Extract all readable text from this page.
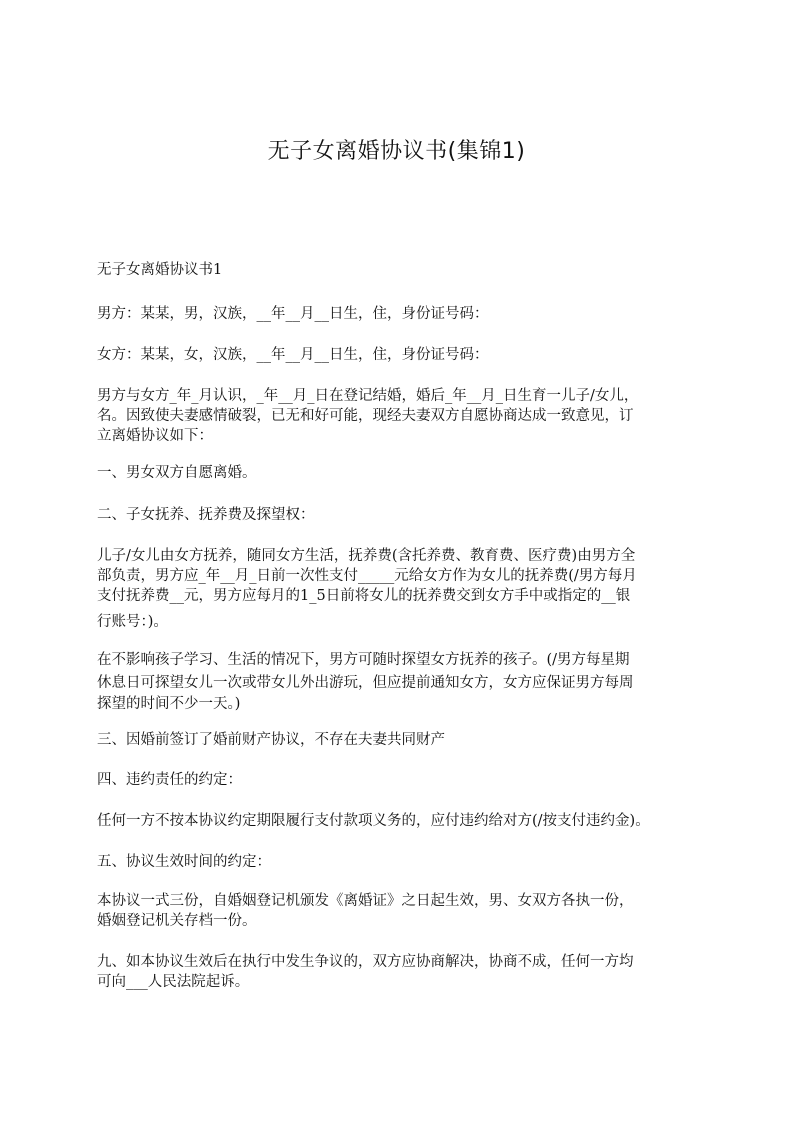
无子女离婚协议书(集锦1)

无子女离婚协议书1

男方：某某，男，汉族，__年__月__日生，住，身份证号码：

女方：某某，女，汉族，__年__月__日生，住，身份证号码：

男方与女方_年_月认识，_年__月_日在登记结婚，婚后_年__月_日生育一儿子/女儿，
名。因致使夫妻感情破裂，已无和好可能，现经夫妻双方自愿协商达成一致意见，订
立离婚协议如下：

一、男女双方自愿离婚。

二、子女抚养、抚养费及探望权：

儿子/女儿由女方抚养，随同女方生活，抚养费(含托养费、教育费、医疗费)由男方全
部负责，男方应_年__月_日前一次性支付_____元给女方作为女儿的抚养费(/男方每月
支付抚养费__元，男方应每月的1_5日前将女儿的抚养费交到女方手中或指定的__银
行账号：)。
在不影响孩子学习、生活的情况下，男方可随时探望女方抚养的孩子。(/男方每星期
休息日可探望女儿一次或带女儿外出游玩，但应提前通知女方，女方应保证男方每周
探望的时间不少一天。)

三、因婚前签订了婚前财产协议，不存在夫妻共同财产

四、违约责任的约定：

任何一方不按本协议约定期限履行支付款项义务的，应付违约给对方(/按支付违约金)。

五、协议生效时间的约定：

本协议一式三份，自婚姻登记机颁发《离婚证》之日起生效，男、女双方各执一份，
婚姻登记机关存档一份。
九、如本协议生效后在执行中发生争议的，双方应协商解决，协商不成，任何一方均
可向___人民法院起诉。
